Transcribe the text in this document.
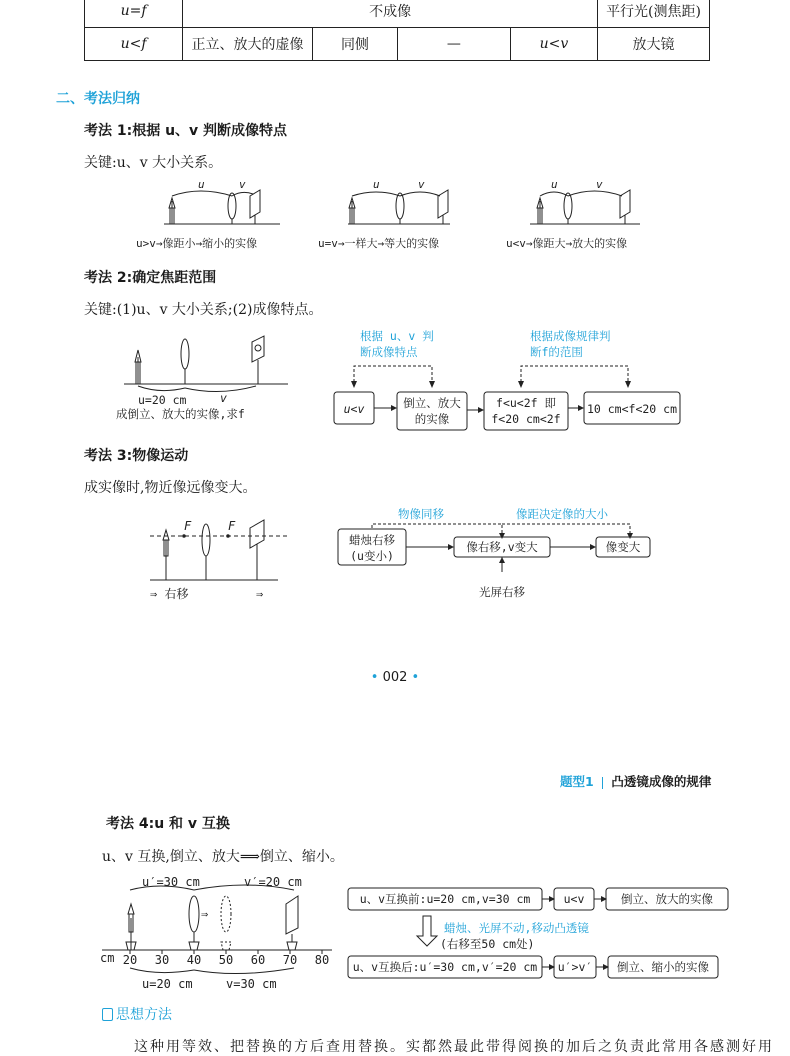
u=f	不成像				平行光(测焦距)
u<f	正立、放大的虚像	同侧	—	u<v	放大镜
二、考法归纳
考法 1:根据 u、v 判断成像特点
关键:u、v 大小关系。
u	v	u	v	u	v
u>v→像距小→缩小的实像	u=v→一样大→等大的实像	u<v→像距大→放大的实像
考法 2:确定焦距范围
关键:(1)u、v 大小关系;(2)成像特点。
u=20 cm	v
成倒立、放大的实像,求f
根据 u、v 判
断成像特点
根据成像规律判
断f的范围
u<v	倒立、放大
的实像
f<u<2f 即
f<20 cm<2f
10 cm<f<20 cm
考法 3:物像运动
成实像时,物近像远像变大。
F	F
⇒ 右移	⇒
物像同移	像距决定像的大小
蜡烛右移
(u变小)
像右移,v变大	像变大
光屏右移
• 002 •
题型1 凸透镜成像的规律
考法 4:u 和 v 互换
u、v 互换,倒立、放大⟹倒立、缩小。
u′=30 cm	v′=20 cm
⇒
cm 20 30 40 50 60 70 80
u=20 cm	v=30 cm
u、v互换前:u=20 cm,v=30 cm	u<v	倒立、放大的实像
u、v互换后:u′=30 cm,v′=20 cm u′>v′ 倒立、缩小的实像
蜡烛、光屏不动,移动凸透镜
(右移至50 cm处)
思想方法
这种用等效、把替换的方后查用替换。实都然最此带得阅换的加后之负责此常用各感测好用
